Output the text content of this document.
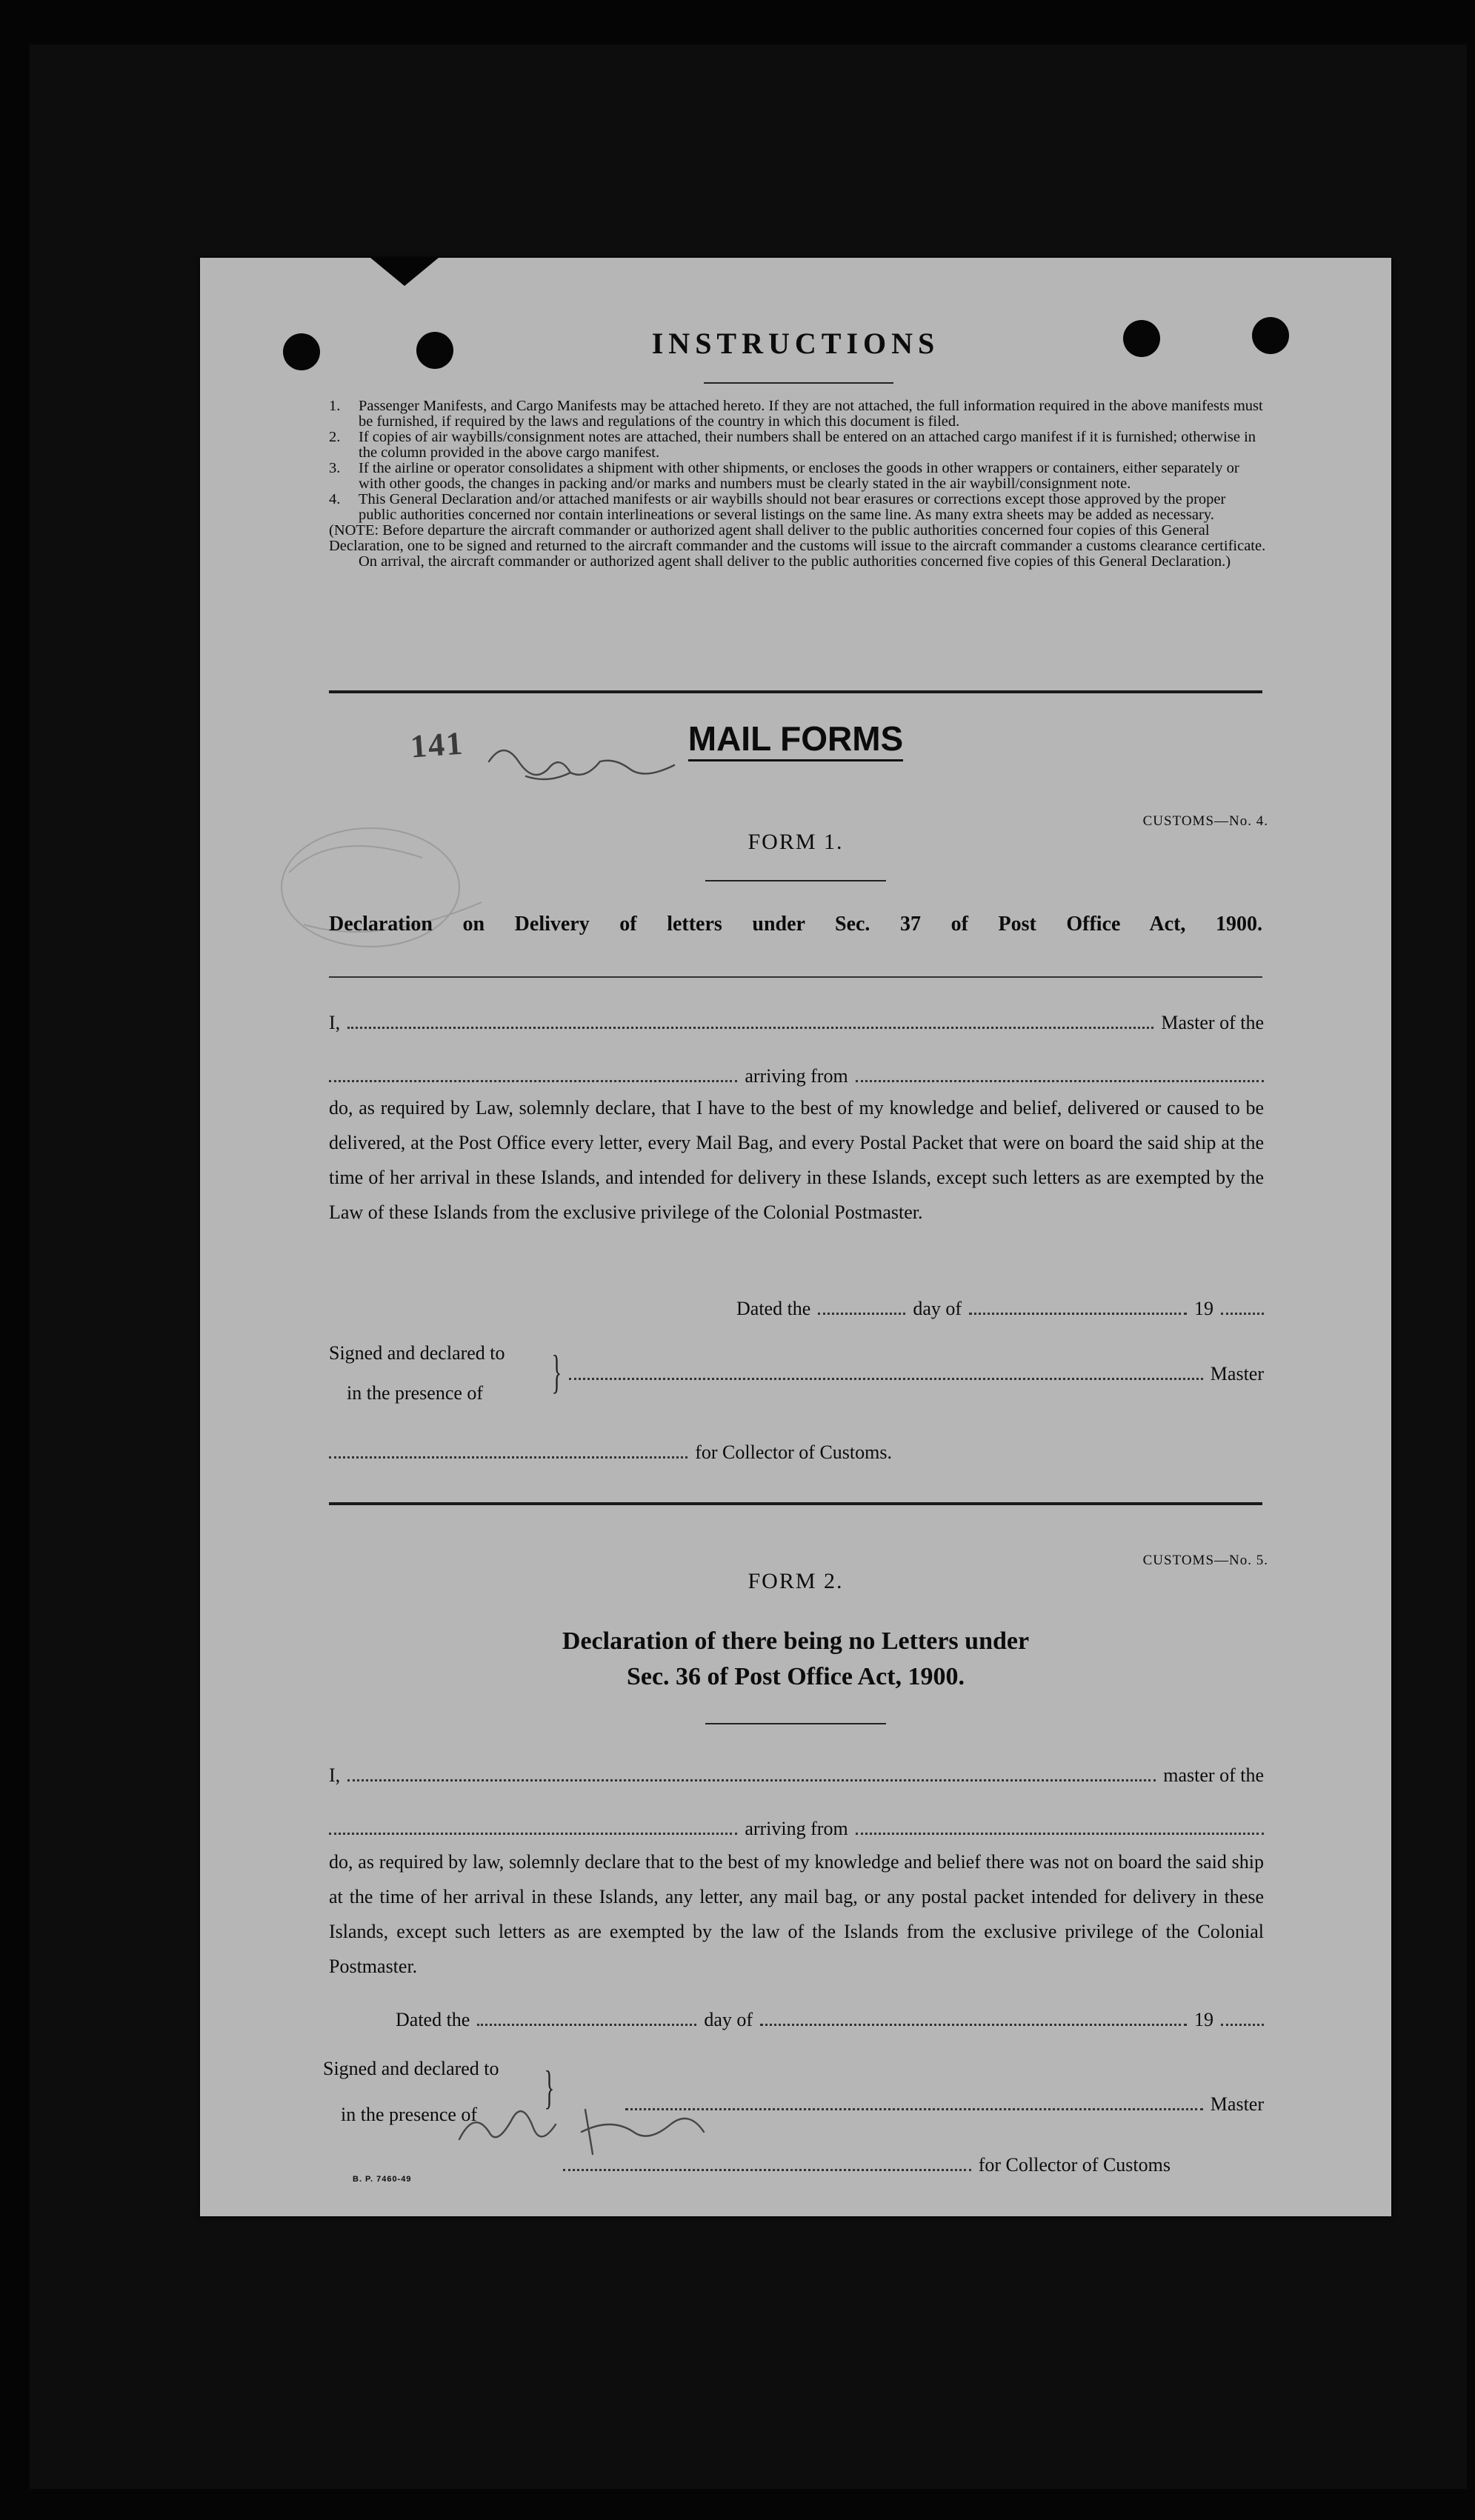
INSTRUCTIONS
1. Passenger Manifests, and Cargo Manifests may be attached hereto. If they are not attached, the full information required in the above manifests must be furnished, if required by the laws and regulations of the country in which this document is filed.
2. If copies of air waybills/consignment notes are attached, their numbers shall be entered on an attached cargo manifest if it is furnished; otherwise in the column provided in the above cargo manifest.
3. If the airline or operator consolidates a shipment with other shipments, or encloses the goods in other wrappers or containers, either separately or with other goods, the changes in packing and/or marks and numbers must be clearly stated in the air waybill/consignment note.
4. This General Declaration and/or attached manifests or air waybills should not bear erasures or corrections except those approved by the proper public authorities concerned nor contain interlineations or several listings on the same line. As many extra sheets may be added as necessary.
(NOTE: Before departure the aircraft commander or authorized agent shall deliver to the public authorities concerned four copies of this General Declaration, one to be signed and returned to the aircraft commander and the customs will issue to the aircraft commander a customs clearance certificate.
On arrival, the aircraft commander or authorized agent shall deliver to the public authorities concerned five copies of this General Declaration.)
141	MAIL FORMS
CUSTOMS—No. 4.
FORM 1.
Declaration on Delivery of letters under Sec. 37 of Post Office Act, 1900.
I,	Master of the
arriving from
do, as required by Law, solemnly declare, that I have to the best of my knowledge and belief, delivered or caused to be delivered, at the Post Office every letter, every Mail Bag, and every Postal Packet that were on board the said ship at the time of her arrival in these Islands, and intended for delivery in these Islands, except such letters as are exempted by the Law of these Islands from the exclusive privilege of the Colonial Postmaster.
Dated the	day of	19
Signed and declared to
in the presence of }	Master
for Collector of Customs.
CUSTOMS—No. 5.
FORM 2.
Declaration of there being no Letters under
Sec. 36 of Post Office Act, 1900.
I,	master of the
arriving from
do, as required by law, solemnly declare that to the best of my knowledge and belief there was not on board the said ship at the time of her arrival in these Islands, any letter, any mail bag, or any postal packet intended for delivery in these Islands, except such letters as are exempted by the law of the Islands from the exclusive privilege of the Colonial Postmaster.
Dated the	day of	19
Signed and declared to
in the presence of
}	Master
for Collector of Customs
B. P. 7460-49
